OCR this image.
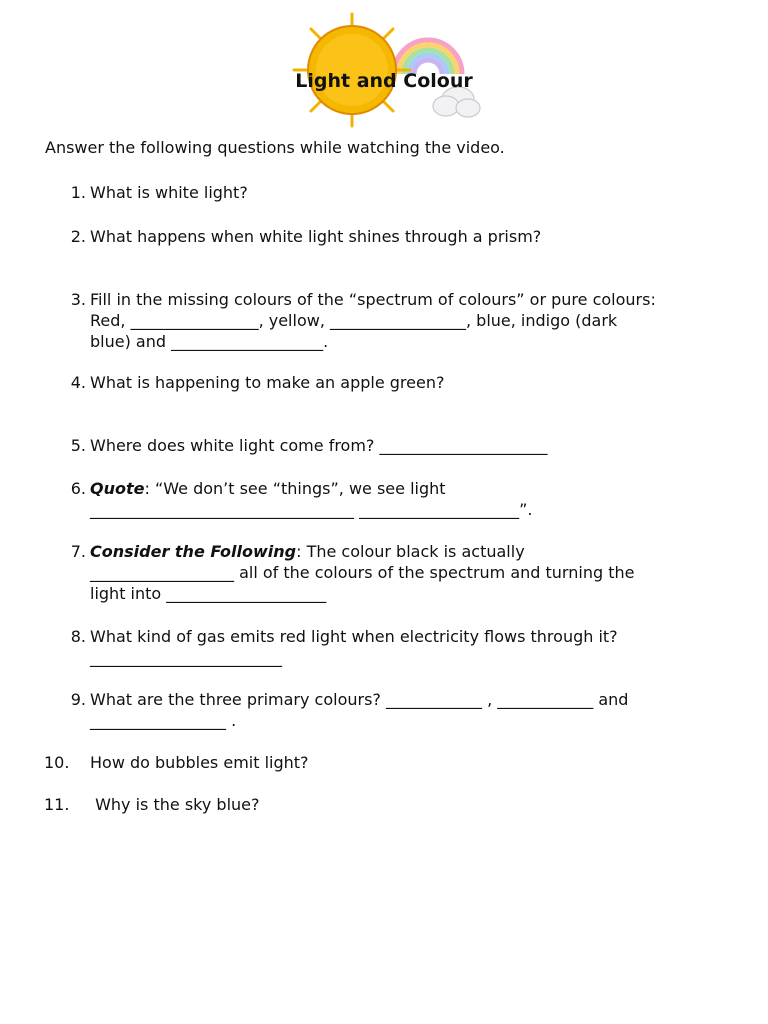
Light and Colour
Answer the following questions while watching the video.
1. What is white light?
2. What happens when white light shines through a prism?
3. Fill in the missing colours of the “spectrum of colours” or pure colours:
Red, ________________, yellow, _________________, blue, indigo (dark
blue) and ___________________.
4. What is happening to make an apple green?
5. Where does white light come from? _____________________
6. Quote: “We don’t see “things”, we see light
_________________________________ ____________________”.
7. Consider the Following: The colour black is actually
__________________ all of the colours of the spectrum and turning the
light into ____________________
8. What kind of gas emits red light when electricity flows through it?
________________________
9. What are the three primary colours? ____________ , ____________ and
_________________ .
10. How do bubbles emit light?
11. Why is the sky blue?
